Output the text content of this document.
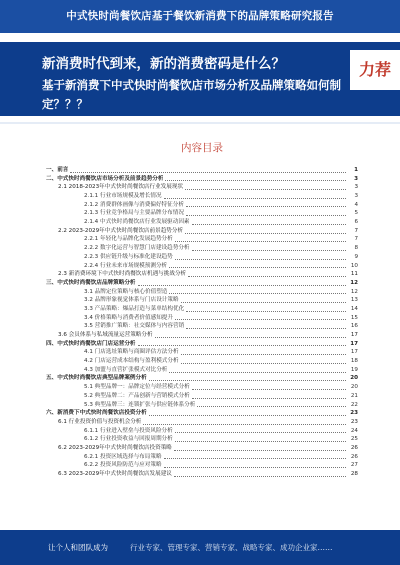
中式快时尚餐饮店基于餐饮新消费下的品牌策略研究报告
新消费时代到来，新的消费密码是什么？
基于新消费下中式快时尚餐饮店市场分析及品牌策略如何制定？？？
力荐
内容目录
一、前言	1
二、中式快时尚餐饮店市场分析及前景趋势分析	3
2.1 2018-2023年中式快时尚餐饮店行业发展现状	3
2.1.1 行业市场规模及增长情况	3
2.1.2 消费群体画像与消费偏好特征分析	4
2.1.3 行业竞争格局与主要品牌分布情况	5
2.1.4 中式快时尚餐饮店行业发展驱动因素	6
2.2 2023-2029年中式快时尚餐饮店前景趋势分析	7
2.2.1 年轻化与品牌化发展趋势分析	7
2.2.2 数字化运营与智慧门店建设趋势分析	8
2.2.3 供应链升级与标准化建设趋势	9
2.2.4 行业未来市场规模预测分析	10
2.3 新消费环境下中式快时尚餐饮店机遇与挑战分析	11
三、中式快时尚餐饮店品牌策略分析	12
3.1 品牌定位策略与核心价值塑造	12
3.2 品牌形象视觉体系与门店设计策略	13
3.3 产品策略：爆品打造与菜单结构优化	14
3.4 价格策略与消费者价值感知提升	15
3.5 营销推广策略：社交媒体与内容营销	16
3.6 会员体系与私域流量运营策略分析	17
四、中式快时尚餐饮店门店运营分析	17
4.1 门店选址策略与商圈评估方法分析	17
4.2 门店运营成本结构与盈利模式分析	18
4.3 加盟与直营扩张模式对比分析	19
五、中式快时尚餐饮店典型品牌案例分析	20
5.1 典型品牌一：品牌定位与经营模式分析	20
5.2 典型品牌二：产品创新与营销模式分析	21
5.3 典型品牌三：连锁扩张与供应链体系分析	22
六、新消费下中式快时尚餐饮店投资分析	23
6.1 行业投资价值与投资机会分析	23
6.1.1 行业进入壁垒与投资风险分析	24
6.1.2 行业投资收益与回报周期分析	25
6.2 2023-2029年中式快时尚餐饮店投资策略	26
6.2.1 投资区域选择与布局策略	26
6.2.2 投资风险防范与应对策略	27
6.3 2023-2029年中式快时尚餐饮店发展建议	28
让个人和团队成为	行业专家、管理专家、营销专家、战略专家、成功企业家……
